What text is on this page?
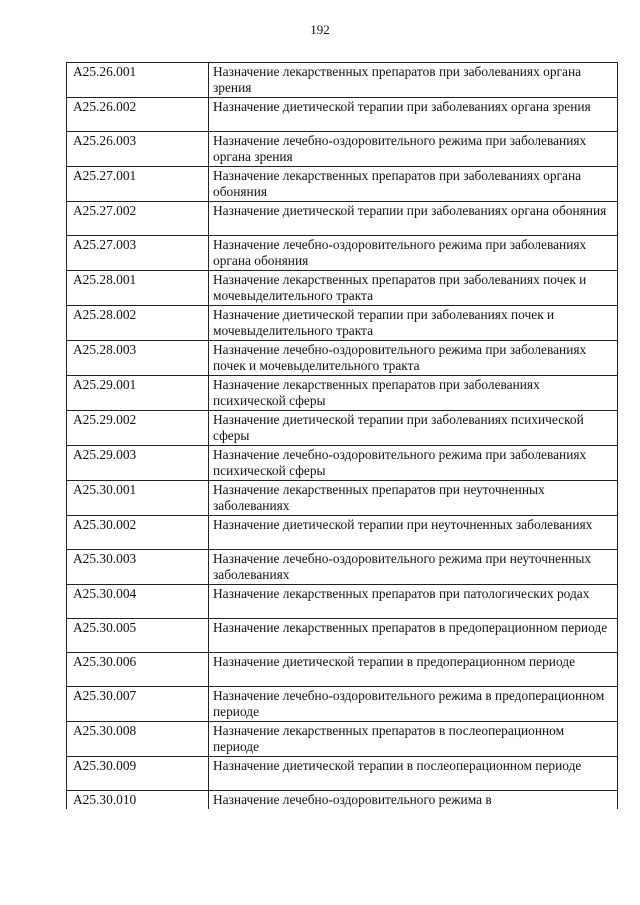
192
A25.26.001	Назначение лекарственных препаратов при заболеваниях органа зрения
A25.26.002	Назначение диетической терапии при заболеваниях органа зрения
A25.26.003	Назначение лечебно-оздоровительного режима при заболеваниях органа зрения
A25.27.001	Назначение лекарственных препаратов при заболеваниях органа обоняния
A25.27.002	Назначение диетической терапии при заболеваниях органа обоняния
A25.27.003	Назначение лечебно-оздоровительного режима при заболеваниях органа обоняния
A25.28.001	Назначение лекарственных препаратов при заболеваниях почек и мочевыделительного тракта
A25.28.002	Назначение диетической терапии при заболеваниях почек и мочевыделительного тракта
A25.28.003	Назначение лечебно-оздоровительного режима при заболеваниях почек и мочевыделительного тракта
A25.29.001	Назначение лекарственных препаратов при заболеваниях психической сферы
A25.29.002	Назначение диетической терапии при заболеваниях психической сферы
A25.29.003	Назначение лечебно-оздоровительного режима при заболеваниях психической сферы
A25.30.001	Назначение лекарственных препаратов при неуточненных заболеваниях
A25.30.002	Назначение диетической терапии при неуточненных заболеваниях
A25.30.003	Назначение лечебно-оздоровительного режима при неуточненных заболеваниях
A25.30.004	Назначение лекарственных препаратов при патологических родах
A25.30.005	Назначение лекарственных препаратов в предоперационном периоде
A25.30.006	Назначение диетической терапии в предоперационном периоде
A25.30.007	Назначение лечебно-оздоровительного режима в предоперационном периоде
A25.30.008	Назначение лекарственных препаратов в послеоперационном периоде
A25.30.009	Назначение диетической терапии в послеоперационном периоде
A25.30.010	Назначение лечебно-оздоровительного режима в
